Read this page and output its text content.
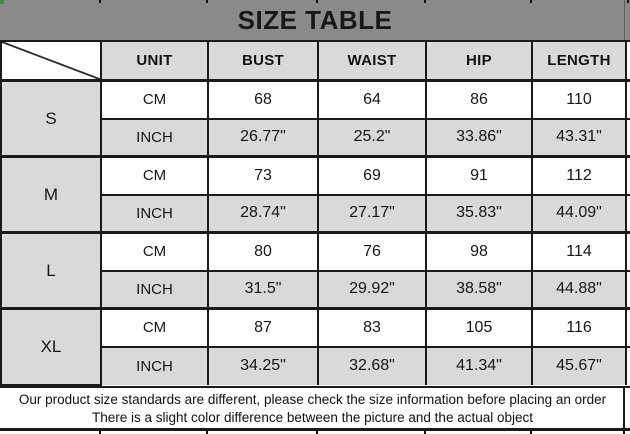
SIZE TABLE
	UNIT	BUST	WAIST	HIP	LENGTH	
S	CM	68	64	86	110	
	INCH	26.77"	25.2"	33.86"	43.31"	
M	CM	73	69	91	112	
	INCH	28.74"	27.17"	35.83"	44.09"	
L	CM	80	76	98	114	
	INCH	31.5"	29.92"	38.58"	44.88"	
XL	CM	87	83	105	116	
	INCH	34.25"	32.68"	41.34"	45.67"	
Our product size standards are different, please check the size information before placing an order
There is a slight color difference between the picture and the actual object
